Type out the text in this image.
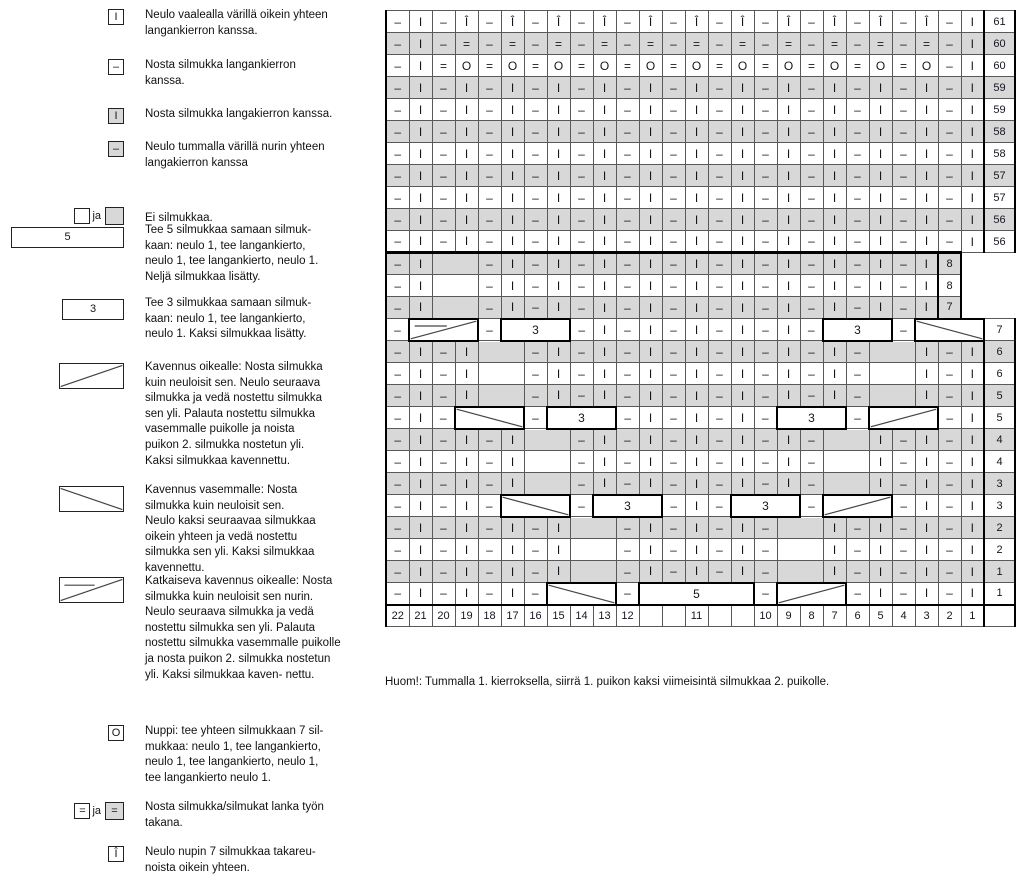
I	Neulo vaalealla värillä oikein yhteen langankierron kanssa.
–	Nosta silmukka langankierron kanssa.
I	Nosta silmukka langakierron kanssa.
–	Neulo tummalla värillä nurin yhteen langakierron kanssa
ja	Ei silmukkaa.
5
Tee 5 silmukkaa samaan silmuk- kaan: neulo 1, tee langankierto, neulo 1, tee langankierto, neulo 1. Neljä silmukkaa lisätty.
3	Tee 3 silmukkaa samaan silmuk- kaan: neulo 1, tee langankierto, neulo 1. Kaksi silmukkaa lisätty.
Kavennus oikealle: Nosta silmukka kuin neuloisit sen. Neulo seuraava silmukka ja vedä nostettu silmukka sen yli. Palauta nostettu silmukka vasemmalle puikolle ja noista puikon 2. silmukka nostetun yli. Kaksi silmukkaa kavennettu.
Kavennus vasemmalle: Nosta silmukka kuin neuloisit sen. Neulo kaksi seuraavaa silmukkaa oikein yhteen ja vedä nostettu silmukka sen yli. Kaksi silmukkaa kavennettu.
Katkaiseva kavennus oikealle: Nosta silmukka kuin neuloisit sen nurin. Neulo seuraava silmukka ja vedä nostettu silmukka sen yli. Palauta nostettu silmukka vasemmalle puikolle ja nosta puikon 2. silmukka nostetun yli. Kaksi silmukkaa kaven- nettu.
O	Nuppi: tee yhteen silmukkaan 7 sil- mukkaa: neulo 1, tee langankierto, neulo 1, tee langankierto, neulo 1, tee langankierto neulo 1.
= ja =	Nosta silmukka/silmukat lanka työn takana.
Î	Neulo nupin 7 silmukkaa takareu- noista oikein yhteen.
–	I	–	Î	–	Î	–	Î	–	Î	–	Î	–	Î	–	Î	–	Î	–	Î	–	Î	–	Î	–	I	61
–	I	–	=	–	=	–	=	–	=	–	=	–	=	–	=	–	=	–	=	–	=	–	=	–	I	60
–	I	=	O	=	O	=	O	=	O	=	O	=	O	=	O	=	O	=	O	=	O	=	O	–	I	60
–	I	–	I	–	I	–	I	–	I	–	I	–	I	–	I	–	I	–	I	–	I	–	I	–	I	59
–	I	–	I	–	I	–	I	–	I	–	I	–	I	–	I	–	I	–	I	–	I	–	I	–	I	59
–	I	–	I	–	I	–	I	–	I	–	I	–	I	–	I	–	I	–	I	–	I	–	I	–	I	58
–	I	–	I	–	I	–	I	–	I	–	I	–	I	–	I	–	I	–	I	–	I	–	I	–	I	58
–	I	–	I	–	I	–	I	–	I	–	I	–	I	–	I	–	I	–	I	–	I	–	I	–	I	57
–	I	–	I	–	I	–	I	–	I	–	I	–	I	–	I	–	I	–	I	–	I	–	I	–	I	57
–	I	–	I	–	I	–	I	–	I	–	I	–	I	–	I	–	I	–	I	–	I	–	I	–	I	56
–	I	–	I	–	I	–	I	–	I	–	I	–	I	–	I	–	I	–	I	–	I	–	I	–	I	56
–	I			–	I	–	I	–	I	–	I	–	I	–	I	–	I	–	I	–	I	–	I	8		
–	I			–	I	–	I	–	I	–	I	–	I	–	I	–	I	–	I	–	I	–	I	8		
–	I			–	I	–	I	–	I	–	I	–	I	–	I	–	I	–	I	–	I	–	I	7		
–				–	3			–	I	–	I	–	I	–	I	–	I	–	3			–				7
–	I	–	I			–	I	–	I	–	I	–	I	–	I	–	I	–	I	–			I	–	I	6
–	I	–	I			–	I	–	I	–	I	–	I	–	I	–	I	–	I	–			I	–	I	6
–	I	–	I			–	I	–	I	–	I	–	I	–	I	–	I	–	I	–			I	–	I	5
–	I	–				–	3			–	I	–	I	–	I	–	3			–				–	I	5
–	I	–	I	–	I			–	I	–	I	–	I	–	I	–	I	–			I	–	I	–	I	4
–	I	–	I	–	I			–	I	–	I	–	I	–	I	–	I	–			I	–	I	–	I	4
–	I	–	I	–	I			–	I	–	I	–	I	–	I	–	I	–			I	–	I	–	I	3
–	I	–	I	–				–	3			–	I	–	3			–				–	I	–	I	3
–	I	–	I	–	I	–	I			–	I	–	I	–	I	–			I	–	I	–	I	–	I	2
–	I	–	I	–	I	–	I			–	I	–	I	–	I	–			I	–	I	–	I	–	I	2
–	I	–	I	–	I	–	I			–	I	–	I	–	I	–			I	–	I	–	I	–	I	1
–	I	–	I	–	I	–				–	5					–				–	I	–	I	–	I	1
22	21	20	19	18	17	16	15	14	13	12			11			10	9	8	7	6	5	4	3	2	1	
Huom!: Tummalla 1. kierroksella, siirrä 1. puikon kaksi viimeisintä silmukkaa 2. puikolle.
